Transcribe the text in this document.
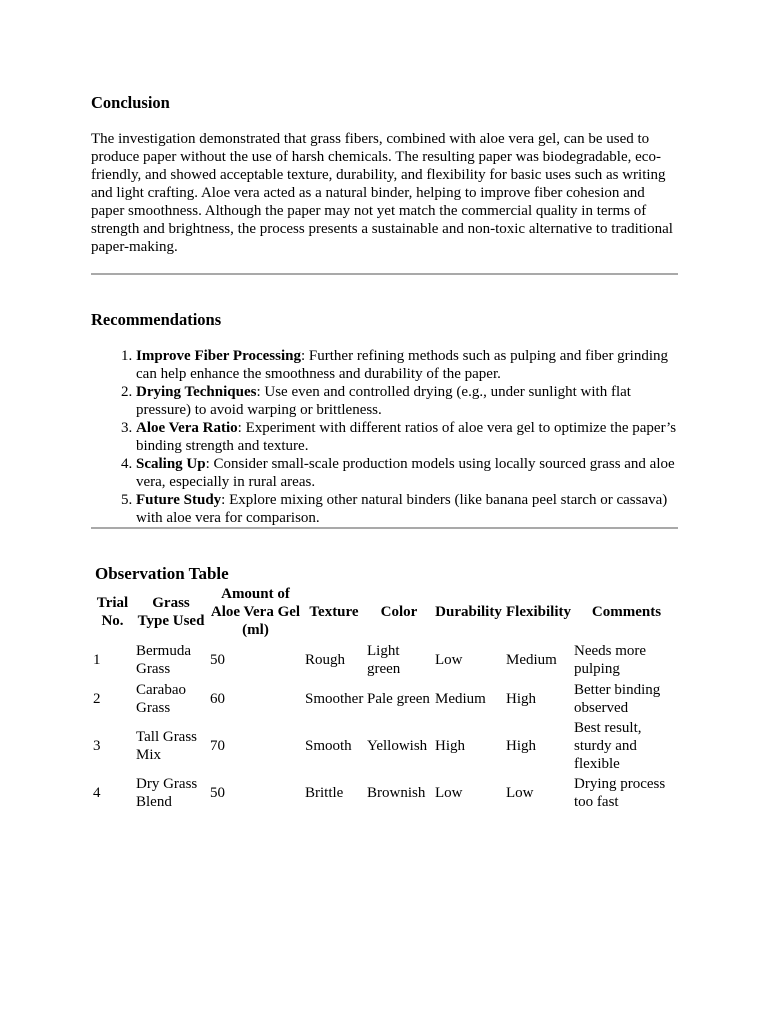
Conclusion

The investigation demonstrated that grass fibers, combined with aloe vera gel, can be used to produce paper without the use of harsh chemicals. The resulting paper was biodegradable, eco-friendly, and showed acceptable texture, durability, and flexibility for basic uses such as writing and light crafting. Aloe vera acted as a natural binder, helping to improve fiber cohesion and paper smoothness. Although the paper may not yet match the commercial quality in terms of strength and brightness, the process presents a sustainable and non-toxic alternative to traditional paper-making.

Recommendations
1. Improve Fiber Processing: Further refining methods such as pulping and fiber grinding can help enhance the smoothness and durability of the paper.
2. Drying Techniques: Use even and controlled drying (e.g., under sunlight with flat pressure) to avoid warping or brittleness.
3. Aloe Vera Ratio: Experiment with different ratios of aloe vera gel to optimize the paper’s binding strength and texture.
4. Scaling Up: Consider small-scale production models using locally sourced grass and aloe vera, especially in rural areas.
5. Future Study: Explore mixing other natural binders (like banana peel starch or cassava) with aloe vera for comparison.
Observation Table
Trial No.	Grass Type Used	Amount of Aloe Vera Gel (ml)	Texture	Color	Durability	Flexibility	Comments
1	Bermuda Grass	50	Rough	Light green	Low	Medium	Needs more pulping
2	Carabao Grass	60	Smoother	Pale green	Medium	High	Better binding observed
3	Tall Grass Mix	70	Smooth	Yellowish	High	High	Best result, sturdy and flexible
4	Dry Grass Blend	50	Brittle	Brownish	Low	Low	Drying process too fast
